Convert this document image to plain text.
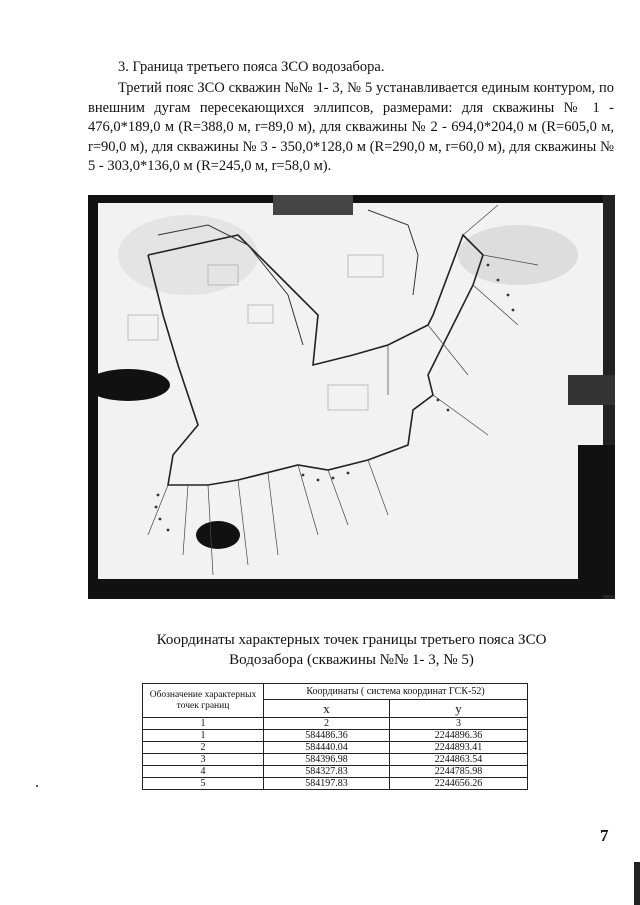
3. Граница третьего пояса ЗСО водозабора.
Третий пояс ЗСО скважин №№ 1- 3, № 5 устанавливается единым контуром, по внешним дугам пересекающихся эллипсов, размерами: для скважины № 1 - 476,0*189,0 м (R=388,0 м, r=89,0 м), для скважины № 2 - 694,0*204,0 м (R=605,0 м, r=90,0 м), для скважины № 3 - 350,0*128,0 м (R=290,0 м, r=60,0 м), для скважины № 5 - 303,0*136,0 м (R=245,0 м, r=58,0 м).
Координаты характерных точек границы третьего пояса ЗСО
Водозабора (скважины №№ 1- 3, № 5)
Обозначение характерных точек границ	Координаты ( система координат ГСК-52)	
	х	у
1	2	3
1	584486.36	2244896.36
2	584440.04	2244893.41
3	584396.98	2244863.54
4	584327.83	2244785.98
5	584197.83	2244656.26
7
